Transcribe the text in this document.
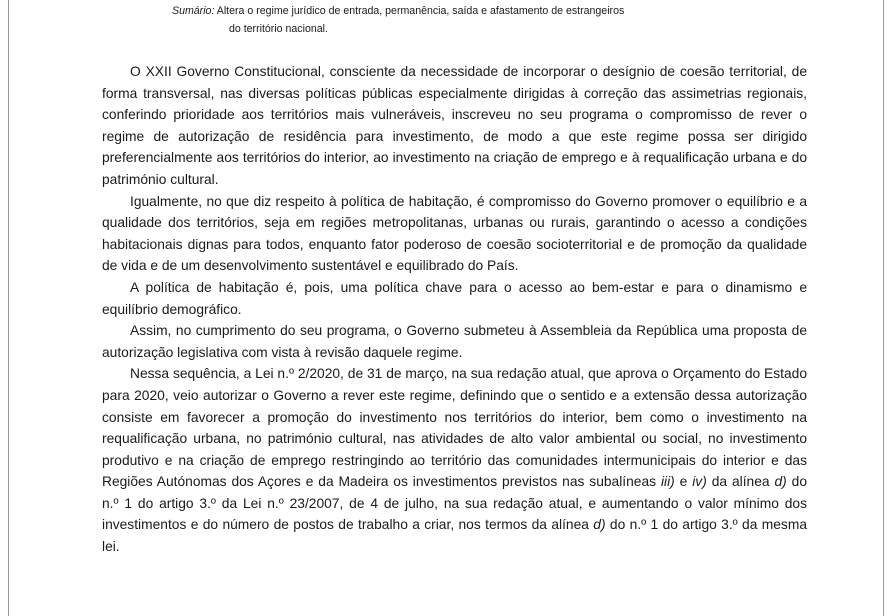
Sumário: Altera o regime jurídico de entrada, permanência, saída e afastamento de estrangeiros
do território nacional.

O XXII Governo Constitucional, consciente da necessidade de incorporar o desígnio de coesão territorial, de forma transversal, nas diversas políticas públicas especialmente dirigidas à correção das assimetrias regionais, conferindo prioridade aos territórios mais vulneráveis, inscreveu no seu programa o compromisso de rever o regime de autorização de residência para investimento, de modo a que este regime possa ser dirigido preferencialmente aos territórios do interior, ao investimento na criação de emprego e à requalificação urbana e do património cultural.

Igualmente, no que diz respeito à política de habitação, é compromisso do Governo promover o equilíbrio e a qualidade dos territórios, seja em regiões metropolitanas, urbanas ou rurais, garantindo o acesso a condições habitacionais dignas para todos, enquanto fator poderoso de coesão socioterritorial e de promoção da qualidade de vida e de um desenvolvimento sustentável e equilibrado do País.

A política de habitação é, pois, uma política chave para o acesso ao bem-estar e para o dinamismo e equilíbrio demográfico.

Assim, no cumprimento do seu programa, o Governo submeteu à Assembleia da República uma proposta de autorização legislativa com vista à revisão daquele regime.

Nessa sequência, a Lei n.º 2/2020, de 31 de março, na sua redação atual, que aprova o Orçamento do Estado para 2020, veio autorizar o Governo a rever este regime, definindo que o sentido e a extensão dessa autorização consiste em favorecer a promoção do investimento nos territórios do interior, bem como o investimento na requalificação urbana, no património cultural, nas atividades de alto valor ambiental ou social, no investimento produtivo e na criação de emprego restringindo ao território das comunidades intermunicipais do interior e das Regiões Autónomas dos Açores e da Madeira os investimentos previstos nas subalíneas iii) e iv) da alínea d) do n.º 1 do artigo 3.º da Lei n.º 23/2007, de 4 de julho, na sua redação atual, e aumentando o valor mínimo dos investimentos e do número de postos de trabalho a criar, nos termos da alínea d) do n.º 1 do artigo 3.º da mesma lei.
